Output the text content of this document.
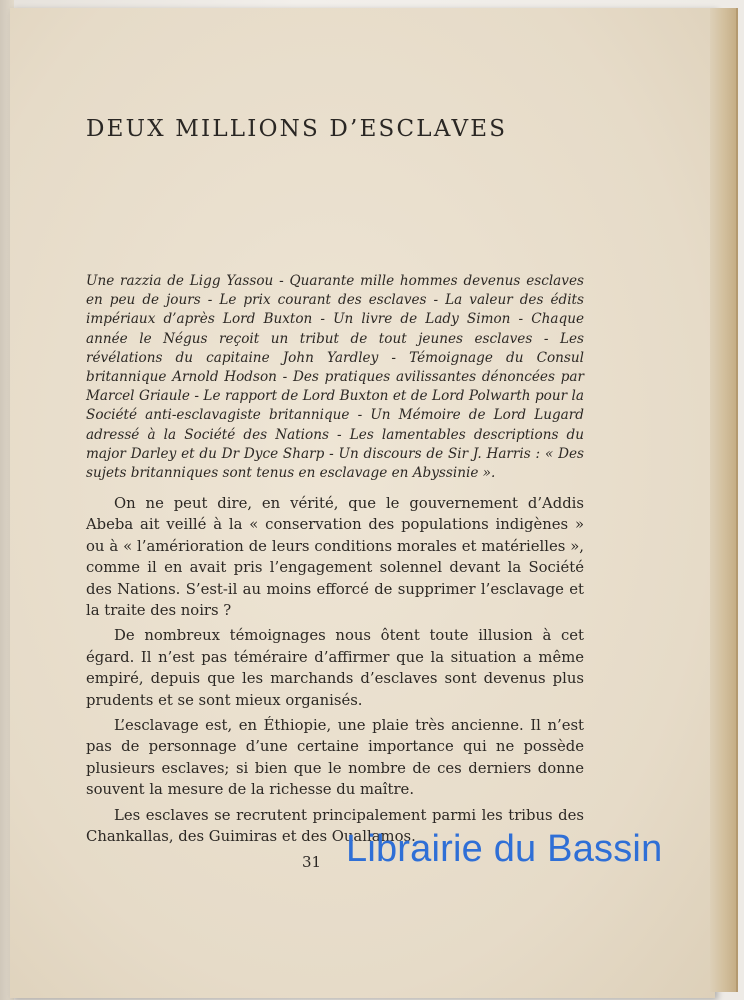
DEUX MILLIONS D’ESCLAVES

Une razzia de Ligg Yassou - Quarante mille hommes devenus esclaves en peu de jours - Le prix courant des esclaves - La valeur des édits impériaux d’après Lord Buxton - Un livre de Lady Simon - Chaque année le Négus reçoit un tribut de tout jeunes esclaves - Les révélations du capitaine John Yardley - Témoignage du Consul britannique Arnold Hodson - Des pratiques avilissantes dénoncées par Marcel Griaule - Le rapport de Lord Buxton et de Lord Polwarth pour la Société anti-esclavagiste britannique - Un Mémoire de Lord Lugard adressé à la Société des Nations - Les lamentables descriptions du major Darley et du Dr Dyce Sharp - Un discours de Sir J. Harris : « Des sujets britanniques sont tenus en esclavage en Abyssinie ».

On ne peut dire, en vérité, que le gouvernement d’Addis Abeba ait veillé à la « conservation des populations indigènes » ou à « l’amérioration de leurs conditions morales et matérielles », comme il en avait pris l’engagement solennel devant la Société des Nations. S’est-il au moins efforcé de supprimer l’esclavage et la traite des noirs ?

De nombreux témoignages nous ôtent toute illusion à cet égard. Il n’est pas téméraire d’affirmer que la situation a même empiré, depuis que les marchands d’esclaves sont devenus plus prudents et se sont mieux organisés.

L’esclavage est, en Éthiopie, une plaie très ancienne. Il n’est pas de personnage d’une certaine importance qui ne possède plusieurs esclaves; si bien que le nombre de ces derniers donne souvent la mesure de la richesse du maître.

Les esclaves se recrutent principalement parmi les tribus des Chankallas, des Guimiras et des Ouallamos.

31 Librairie du Bassin
